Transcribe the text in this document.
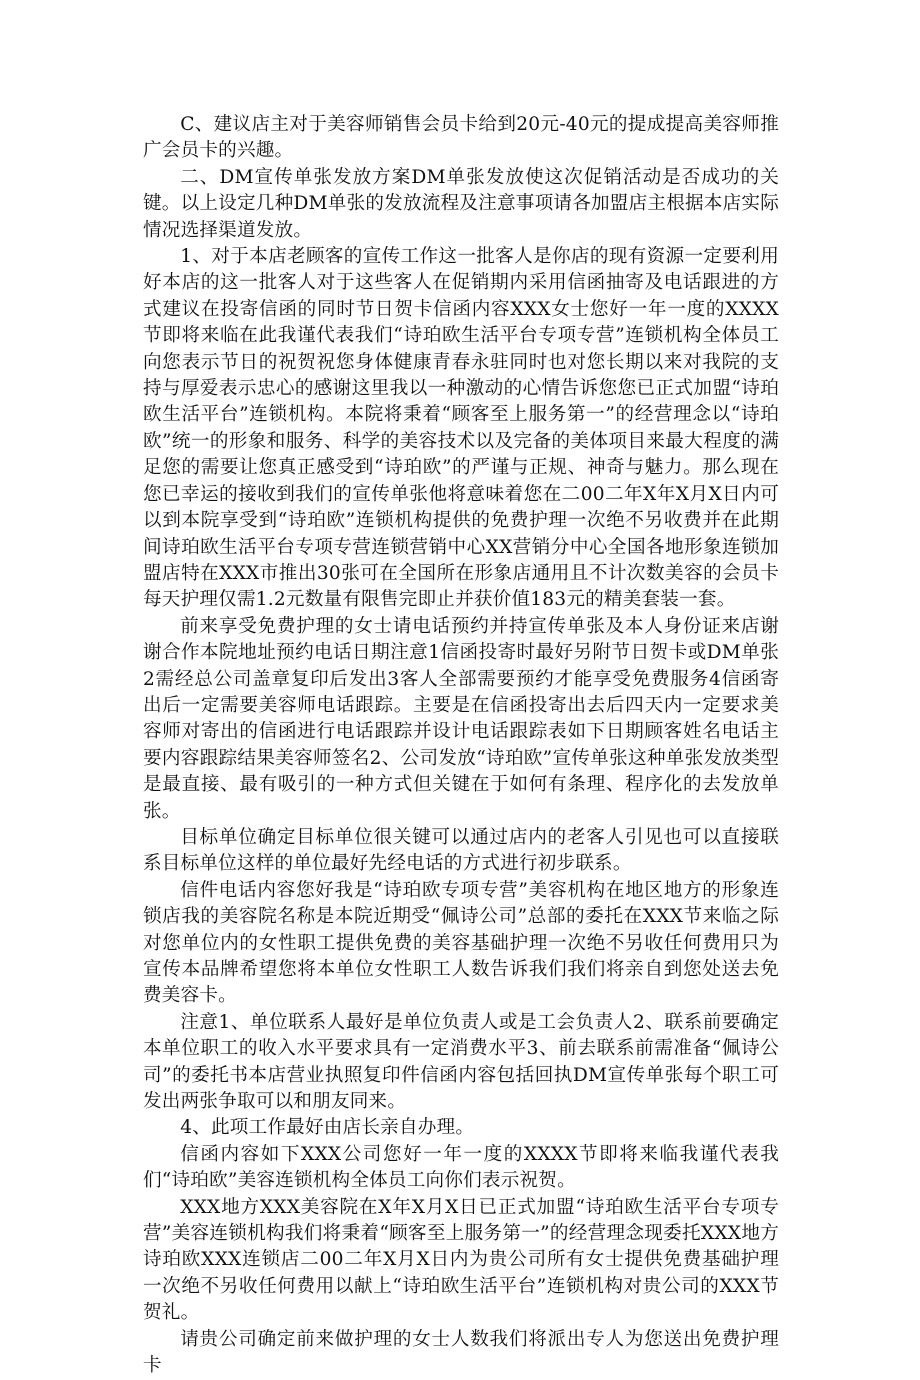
C、建议店主对于美容师销售会员卡给到20元-40元的提成提高美容师推广会员卡的兴趣。

二、DM宣传单张发放方案DM单张发放使这次促销活动是否成功的关键。以上设定几种DM单张的发放流程及注意事项请各加盟店主根据本店实际情况选择渠道发放。

1、对于本店老顾客的宣传工作这一批客人是你店的现有资源一定要利用好本店的这一批客人对于这些客人在促销期内采用信函抽寄及电话跟进的方式建议在投寄信函的同时节日贺卡信函内容XXX女士您好一年一度的XXXX节即将来临在此我谨代表我们“诗珀欧生活平台专项专营”连锁机构全体员工向您表示节日的祝贺祝您身体健康青春永驻同时也对您长期以来对我院的支持与厚爱表示忠心的感谢这里我以一种激动的心情告诉您您已正式加盟“诗珀欧生活平台”连锁机构。本院将秉着“顾客至上服务第一”的经营理念以“诗珀欧”统一的形象和服务、科学的美容技术以及完备的美体项目来最大程度的满足您的需要让您真正感受到“诗珀欧”的严谨与正规、神奇与魅力。那么现在您已幸运的接收到我们的宣传单张他将意味着您在二00二年X年X月X日内可以到本院享受到“诗珀欧”连锁机构提供的免费护理一次绝不另收费并在此期间诗珀欧生活平台专项专营连锁营销中心XX营销分中心全国各地形象连锁加盟店特在XXX市推出30张可在全国所在形象店通用且不计次数美容的会员卡每天护理仅需1.2元数量有限售完即止并获价值183元的精美套装一套。

前来享受免费护理的女士请电话预约并持宣传单张及本人身份证来店谢谢合作本院地址预约电话日期注意1信函投寄时最好另附节日贺卡或DM单张2需经总公司盖章复印后发出3客人全部需要预约才能享受免费服务4信函寄出后一定需要美容师电话跟踪。主要是在信函投寄出去后四天内一定要求美容师对寄出的信函进行电话跟踪并设计电话跟踪表如下日期顾客姓名电话主要内容跟踪结果美容师签名2、公司发放“诗珀欧”宣传单张这种单张发放类型是最直接、最有吸引的一种方式但关键在于如何有条理、程序化的去发放单张。

目标单位确定目标单位很关键可以通过店内的老客人引见也可以直接联系目标单位这样的单位最好先经电话的方式进行初步联系。

信件电话内容您好我是“诗珀欧专项专营”美容机构在地区地方的形象连锁店我的美容院名称是本院近期受“佩诗公司”总部的委托在XXX节来临之际对您单位内的女性职工提供免费的美容基础护理一次绝不另收任何费用只为宣传本品牌希望您将本单位女性职工人数告诉我们我们将亲自到您处送去免费美容卡。

注意1、单位联系人最好是单位负责人或是工会负责人2、联系前要确定本单位职工的收入水平要求具有一定消费水平3、前去联系前需准备“佩诗公司”的委托书本店营业执照复印件信函内容包括回执DM宣传单张每个职工可发出两张争取可以和朋友同来。

4、此项工作最好由店长亲自办理。

信函内容如下XXX公司您好一年一度的XXXX节即将来临我谨代表我们“诗珀欧”美容连锁机构全体员工向你们表示祝贺。

XXX地方XXX美容院在X年X月X日已正式加盟“诗珀欧生活平台专项专营”美容连锁机构我们将秉着“顾客至上服务第一”的经营理念现委托XXX地方诗珀欧XXX连锁店二00二年X月X日内为贵公司所有女士提供免费基础护理一次绝不另收任何费用以献上“诗珀欧生活平台”连锁机构对贵公司的XXX节贺礼。

请贵公司确定前来做护理的女士人数我们将派出专人为您送出免费护理卡
